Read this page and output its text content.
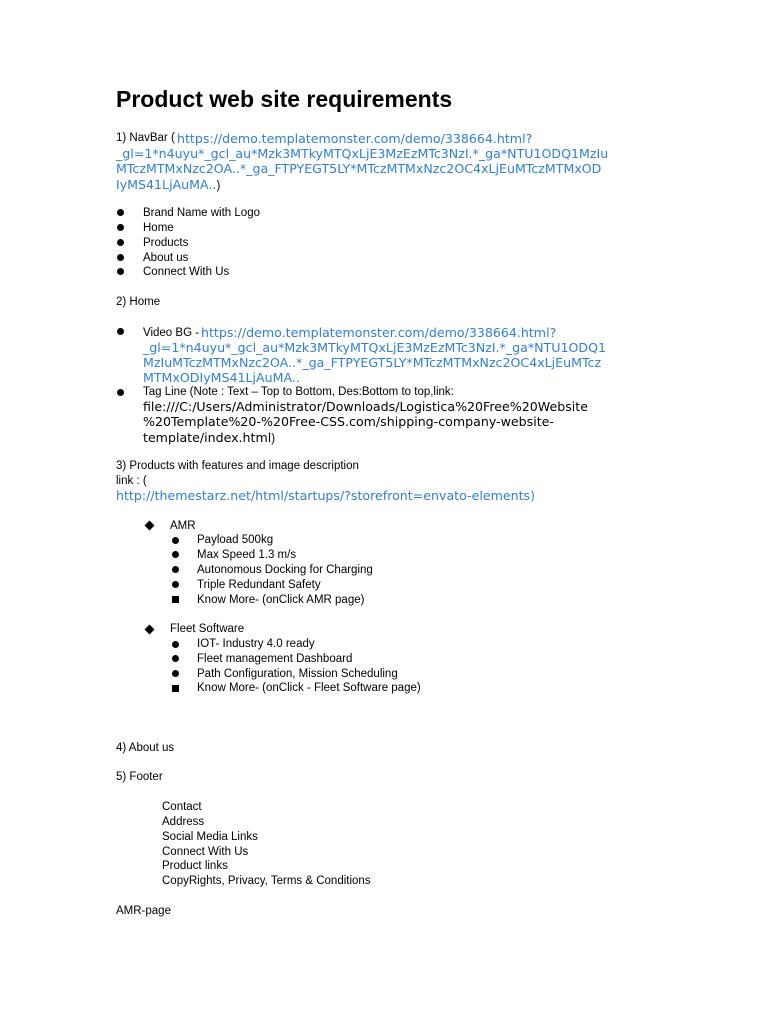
Product web site requirements
1) NavBar ( https://demo.templatemonster.com/demo/338664.html?
_gl=1*n4uyu*_gcl_au*Mzk3MTkyMTQxLjE3MzEzMTc3NzI.*_ga*NTU1ODQ1MzIu
MTczMTMxNzc2OA..*_ga_FTPYEGT5LY*MTczMTMxNzc2OC4xLjEuMTczMTMxOD
IyMS41LjAuMA..)
Brand Name with Logo
Home
Products
About us
Connect With Us
2) Home
Video BG - https://demo.templatemonster.com/demo/338664.html?
_gl=1*n4uyu*_gcl_au*Mzk3MTkyMTQxLjE3MzEzMTc3NzI.*_ga*NTU1ODQ1
MzIuMTczMTMxNzc2OA..*_ga_FTPYEGT5LY*MTczMTMxNzc2OC4xLjEuMTcz
MTMxODIyMS41LjAuMA..
Tag Line (Note : Text – Top to Bottom, Des:Bottom to top,link:
file:///C:/Users/Administrator/Downloads/Logistica%20Free%20Website
%20Template%20-%20Free-CSS.com/shipping-company-website-
template/index.html)
3) Products with features and image description
link : (
http://themestarz.net/html/startups/?storefront=envato-elements)
AMR
Payload 500kg
Max Speed 1.3 m/s
Autonomous Docking for Charging
Triple Redundant Safety
Know More- (onClick AMR page)
Fleet Software
IOT- Industry 4.0 ready
Fleet management Dashboard
Path Configuration, Mission Scheduling
Know More- (onClick - Fleet Software page)
4) About us
5) Footer
Contact
Address
Social Media Links
Connect With Us
Product links
CopyRights, Privacy, Terms & Conditions
AMR-page
